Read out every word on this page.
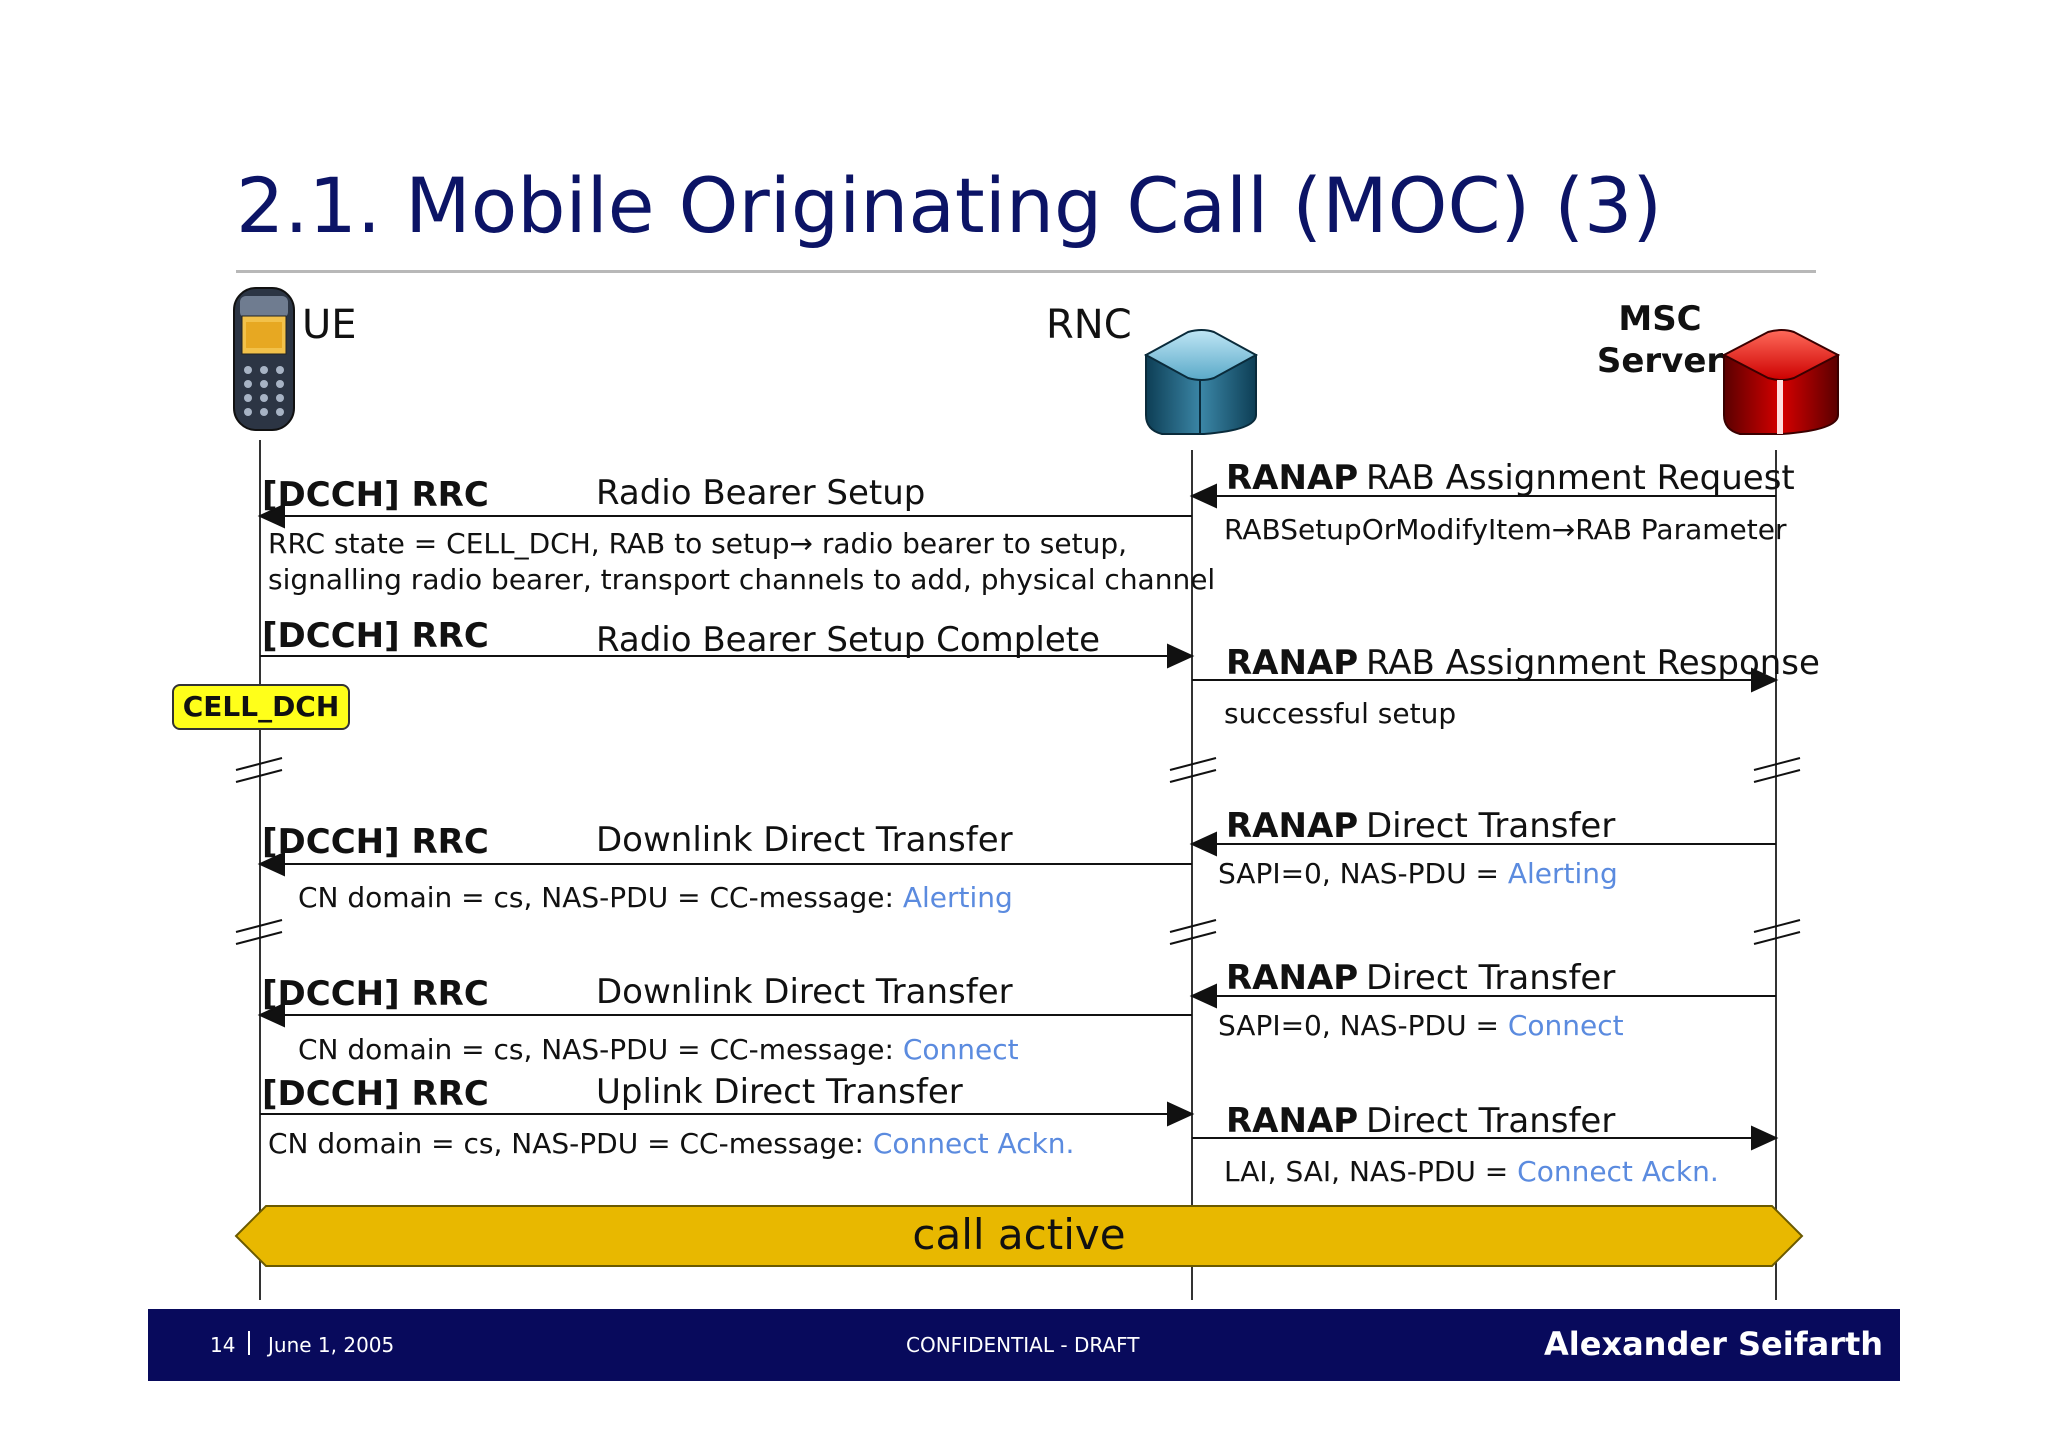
2.1. Mobile Originating Call (MOC) (3)
UE	RNC	MSC
Server
[DCCH] RRC	Radio Bearer Setup
RRC state = CELL_DCH, RAB to setup→ radio bearer to setup,
signalling radio bearer, transport channels to add, physical channel
RANAP RAB Assignment Request
RABSetupOrModifyItem→RAB Parameter
[DCCH] RRC	Radio Bearer Setup Complete
RANAP RAB Assignment Response
successful setup
CELL_DCH
[DCCH] RRC	Downlink Direct Transfer
CN domain = cs, NAS-PDU = CC-message: Alerting
RANAP Direct Transfer
SAPI=0, NAS-PDU = Alerting
[DCCH] RRC	Downlink Direct Transfer
CN domain = cs, NAS-PDU = CC-message: Connect
RANAP Direct Transfer
SAPI=0, NAS-PDU = Connect
[DCCH] RRC	Uplink Direct Transfer
CN domain = cs, NAS-PDU = CC-message: Connect Ackn.
RANAP Direct Transfer
LAI, SAI, NAS-PDU = Connect Ackn.
call active
14 June 1, 2005	CONFIDENTIAL - DRAFT	Alexander Seifarth
